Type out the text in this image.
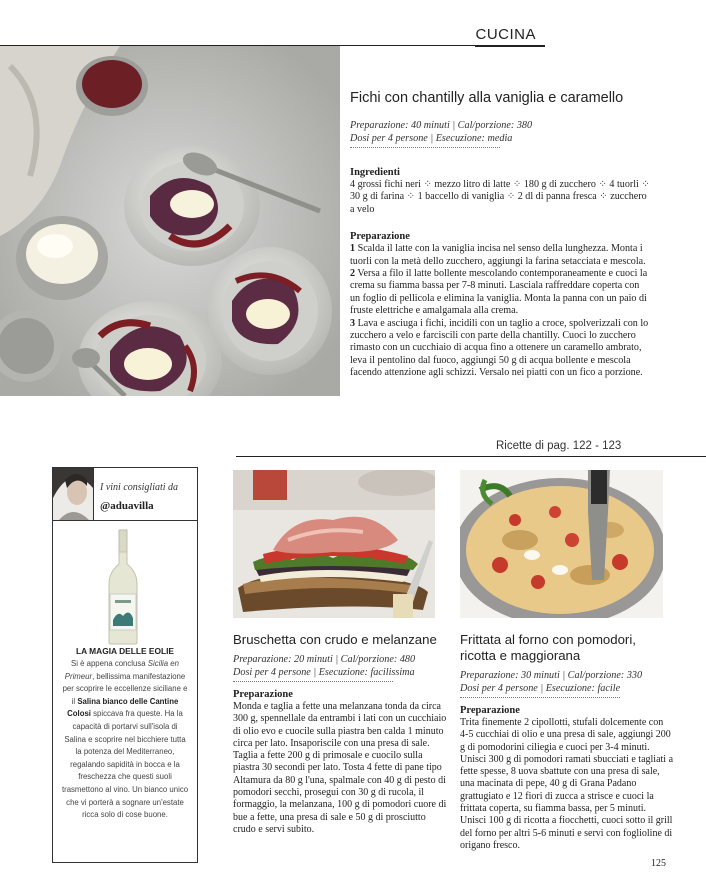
CUCINA
Fichi con chantilly alla vaniglia e caramello
Preparazione: 40 minuti | Cal/porzione: 380
Dosi per 4 persone | Esecuzione: media
Ingredienti

4 grossi fichi neri ⁘ mezzo litro di latte ⁘ 180 g di zucchero ⁘ 4 tuorli ⁘ 30 g di farina ⁘ 1 baccello di vaniglia ⁘ 2 dl di panna fresca ⁘ zucchero a velo

Preparazione

1 Scalda il latte con la vaniglia incisa nel senso della lunghezza. Monta i tuorli con la metà dello zucchero, aggiungi la farina setacciata e mescola.
2 Versa a filo il latte bollente mescolando contemporaneamente e cuoci la crema su fiamma bassa per 7-8 minuti. Lasciala raffreddare coperta con un foglio di pellicola e elimina la vaniglia. Monta la panna con un paio di fruste elettriche e amalgamala alla crema.
3 Lava e asciuga i fichi, incidili con un taglio a croce, spolverizzali con lo zucchero a velo e farciscili con parte della chantilly. Cuoci lo zucchero rimasto con un cucchiaio di acqua fino a ottenere un caramello ambrato, leva il pentolino dal fuoco, aggiungi 50 g di acqua bollente e mescola facendo attenzione agli schizzi. Versalo nei piatti con un fico a porzione.

Ricette di pag. 122 - 123
I vini consigliati da
@aduavilla
LA MAGIA DELLE EOLIE
Si è appena conclusa Sicilia en Primeur, bellissima manifestazione per scoprire le eccellenze siciliane e il Salina bianco delle Cantine Colosi spiccava fra queste. Ha la capacità di portarvi sull'isola di Salina e scoprire nel bicchiere tutta la potenza del Mediterraneo, regalando sapidità in bocca e la freschezza che questi suoli trasmettono al vino. Un bianco unico che vi porterà a sognare un'estate ricca solo di cose buone.
Bruschetta con crudo e melanzane
Preparazione: 20 minuti | Cal/porzione: 480
Dosi per 4 persone | Esecuzione: facilissima
Preparazione

Monda e taglia a fette una melanzana tonda da circa 300 g, spennellale da entrambi i lati con un cucchiaio di olio evo e cuocile sulla piastra ben calda 1 minuto circa per lato. Insaporiscile con una presa di sale. Taglia a fette 200 g di primosale e cuocilo sulla piastra 30 secondi per lato. Tosta 4 fette di pane tipo Altamura da 80 g l'una, spalmale con 40 g di pesto di pomodori secchi, prosegui con 30 g di rucola, il formaggio, la melanzana, 100 g di pomodori cuore di bue a fette, una presa di sale e 50 g di prosciutto crudo e servi subito.

Frittata al forno con pomodori, ricotta e maggiorana
Preparazione: 30 minuti | Cal/porzione: 330
Dosi per 4 persone | Esecuzione: facile
Preparazione

Trita finemente 2 cipollotti, stufali dolcemente con 4-5 cucchiai di olio e una presa di sale, aggiungi 200 g di pomodorini ciliegia e cuoci per 3-4 minuti. Unisci 300 g di pomodori ramati sbucciati e tagliati a fette spesse, 8 uova sbattute con una presa di sale, una macinata di pepe, 40 g di Grana Padano grattugiato e 12 fiori di zucca a strisce e cuoci la frittata coperta, su fiamma bassa, per 5 minuti. Unisci 100 g di ricotta a fiocchetti, cuoci sotto il grill del forno per altri 5-6 minuti e servi con foglioline di origano fresco.

125
